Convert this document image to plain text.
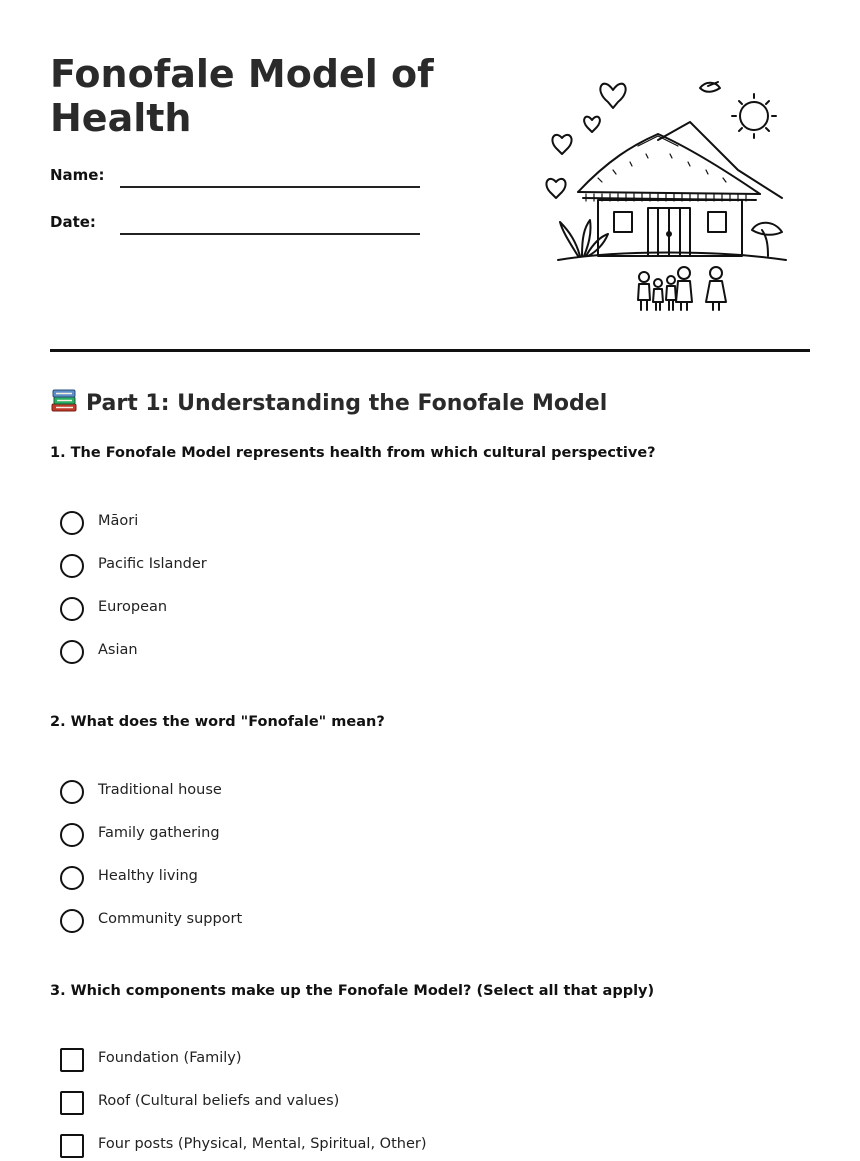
Fonofale Model of Health
Name:
Date:
Part 1: Understanding the Fonofale Model

1. The Fonofale Model represents health from which cultural perspective?

Māori
Pacific Islander
European
Asian

2. What does the word "Fonofale" mean?

Traditional house
Family gathering
Healthy living
Community support

3. Which components make up the Fonofale Model? (Select all that apply)

Foundation (Family)
Roof (Cultural beliefs and values)
Four posts (Physical, Mental, Spiritual, Other)
